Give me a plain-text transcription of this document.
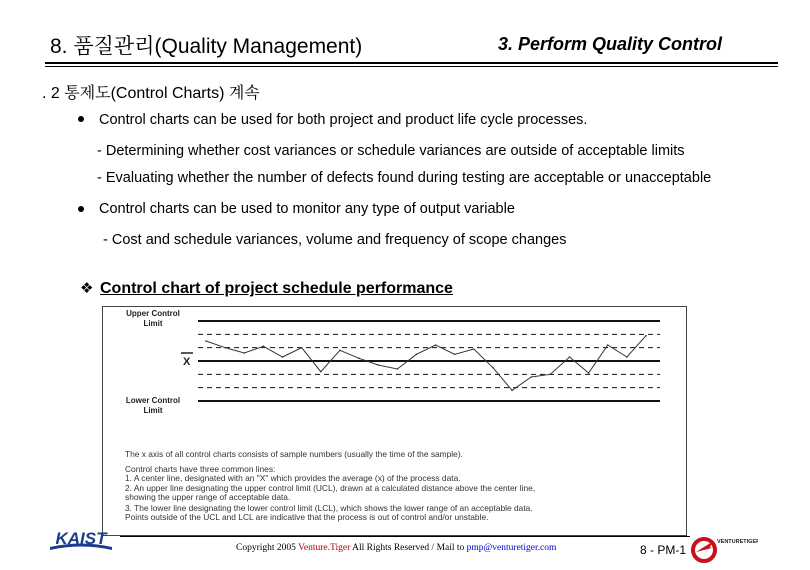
8. 품질관리(Quality Management)	3. Perform Quality Control
. 2 통제도(Control Charts) 계속
Control charts can be used for both project and product life cycle processes.
- Determining whether cost variances or schedule variances are outside of acceptable limits
- Evaluating whether the number of defects found during testing are acceptable or unacceptable
Control charts can be used to monitor any type of output variable
- Cost and schedule variances, volume and frequency of scope changes
❖ Control chart of project schedule performance
Upper Control
Limit
X
Lower Control
Limit
The x axis of all control charts consists of sample numbers (usually the time of the sample).
Control charts have three common lines:
1. A center line, designated with an "X" which provides the average (x) of the process data.
2. An upper line designating the upper control limit (UCL), drawn at a calculated distance above the center line,
showing the upper range of acceptable data.
3. The lower line designating the lower control limit (LCL), which shows the lower range of an acceptable data.
Points outside of the UCL and LCL are indicative that the process is out of control and/or unstable.
KAIST	Copyright 2005 Venture.Tiger All Rights Reserved / Mail to pmp@venturetiger.com	8 - PM-1
VENTURETIGER
